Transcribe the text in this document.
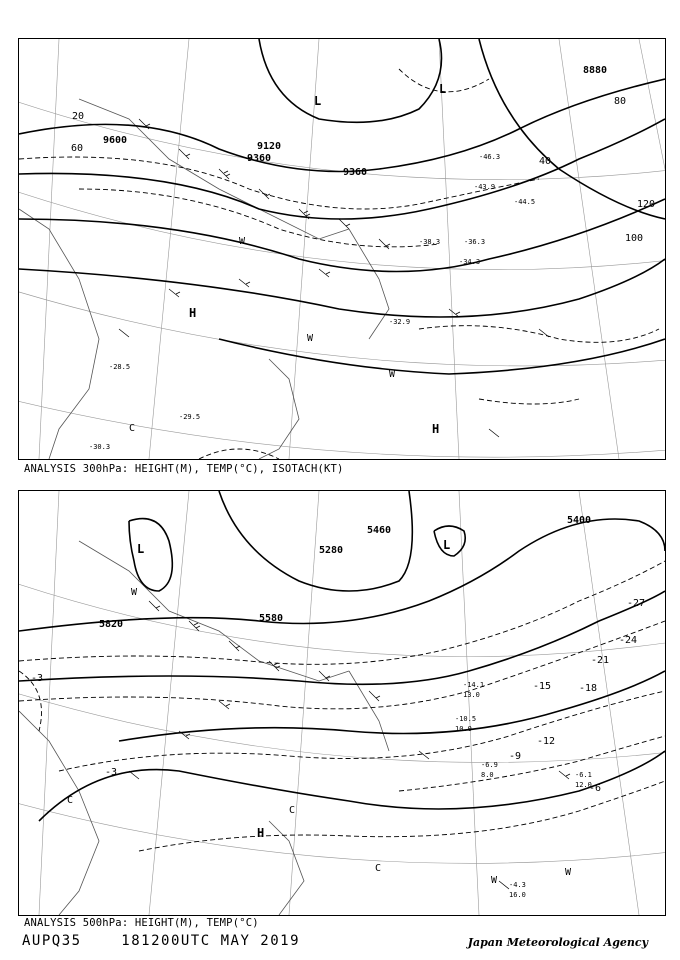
-28.5
-29.5
-30.3
-32.9
-34.3
-36.3
-38.3
-43.9
-44.5
-46.3
9600
9120
9360
9360
8880
20
40
60
80
100
120
L
L
H
H
C
W
W
W
ANALYSIS 300hPa: HEIGHT(M), TEMP(°C), ISOTACH(KT)
-4.3
16.0
-6.1
12.0
-6.9
8.0
-10.5
10.0
-14.1
13.0
5820
5580
5460
5400
5280
-3
-3
-6
-9
-12
-15	-18
-21
-24
-27
L	L
H
C
C
C
W
W
W
ANALYSIS 500hPa: HEIGHT(M), TEMP(°C)
AUPQ35	181200UTC MAY 2019	Japan Meteorological Agency
